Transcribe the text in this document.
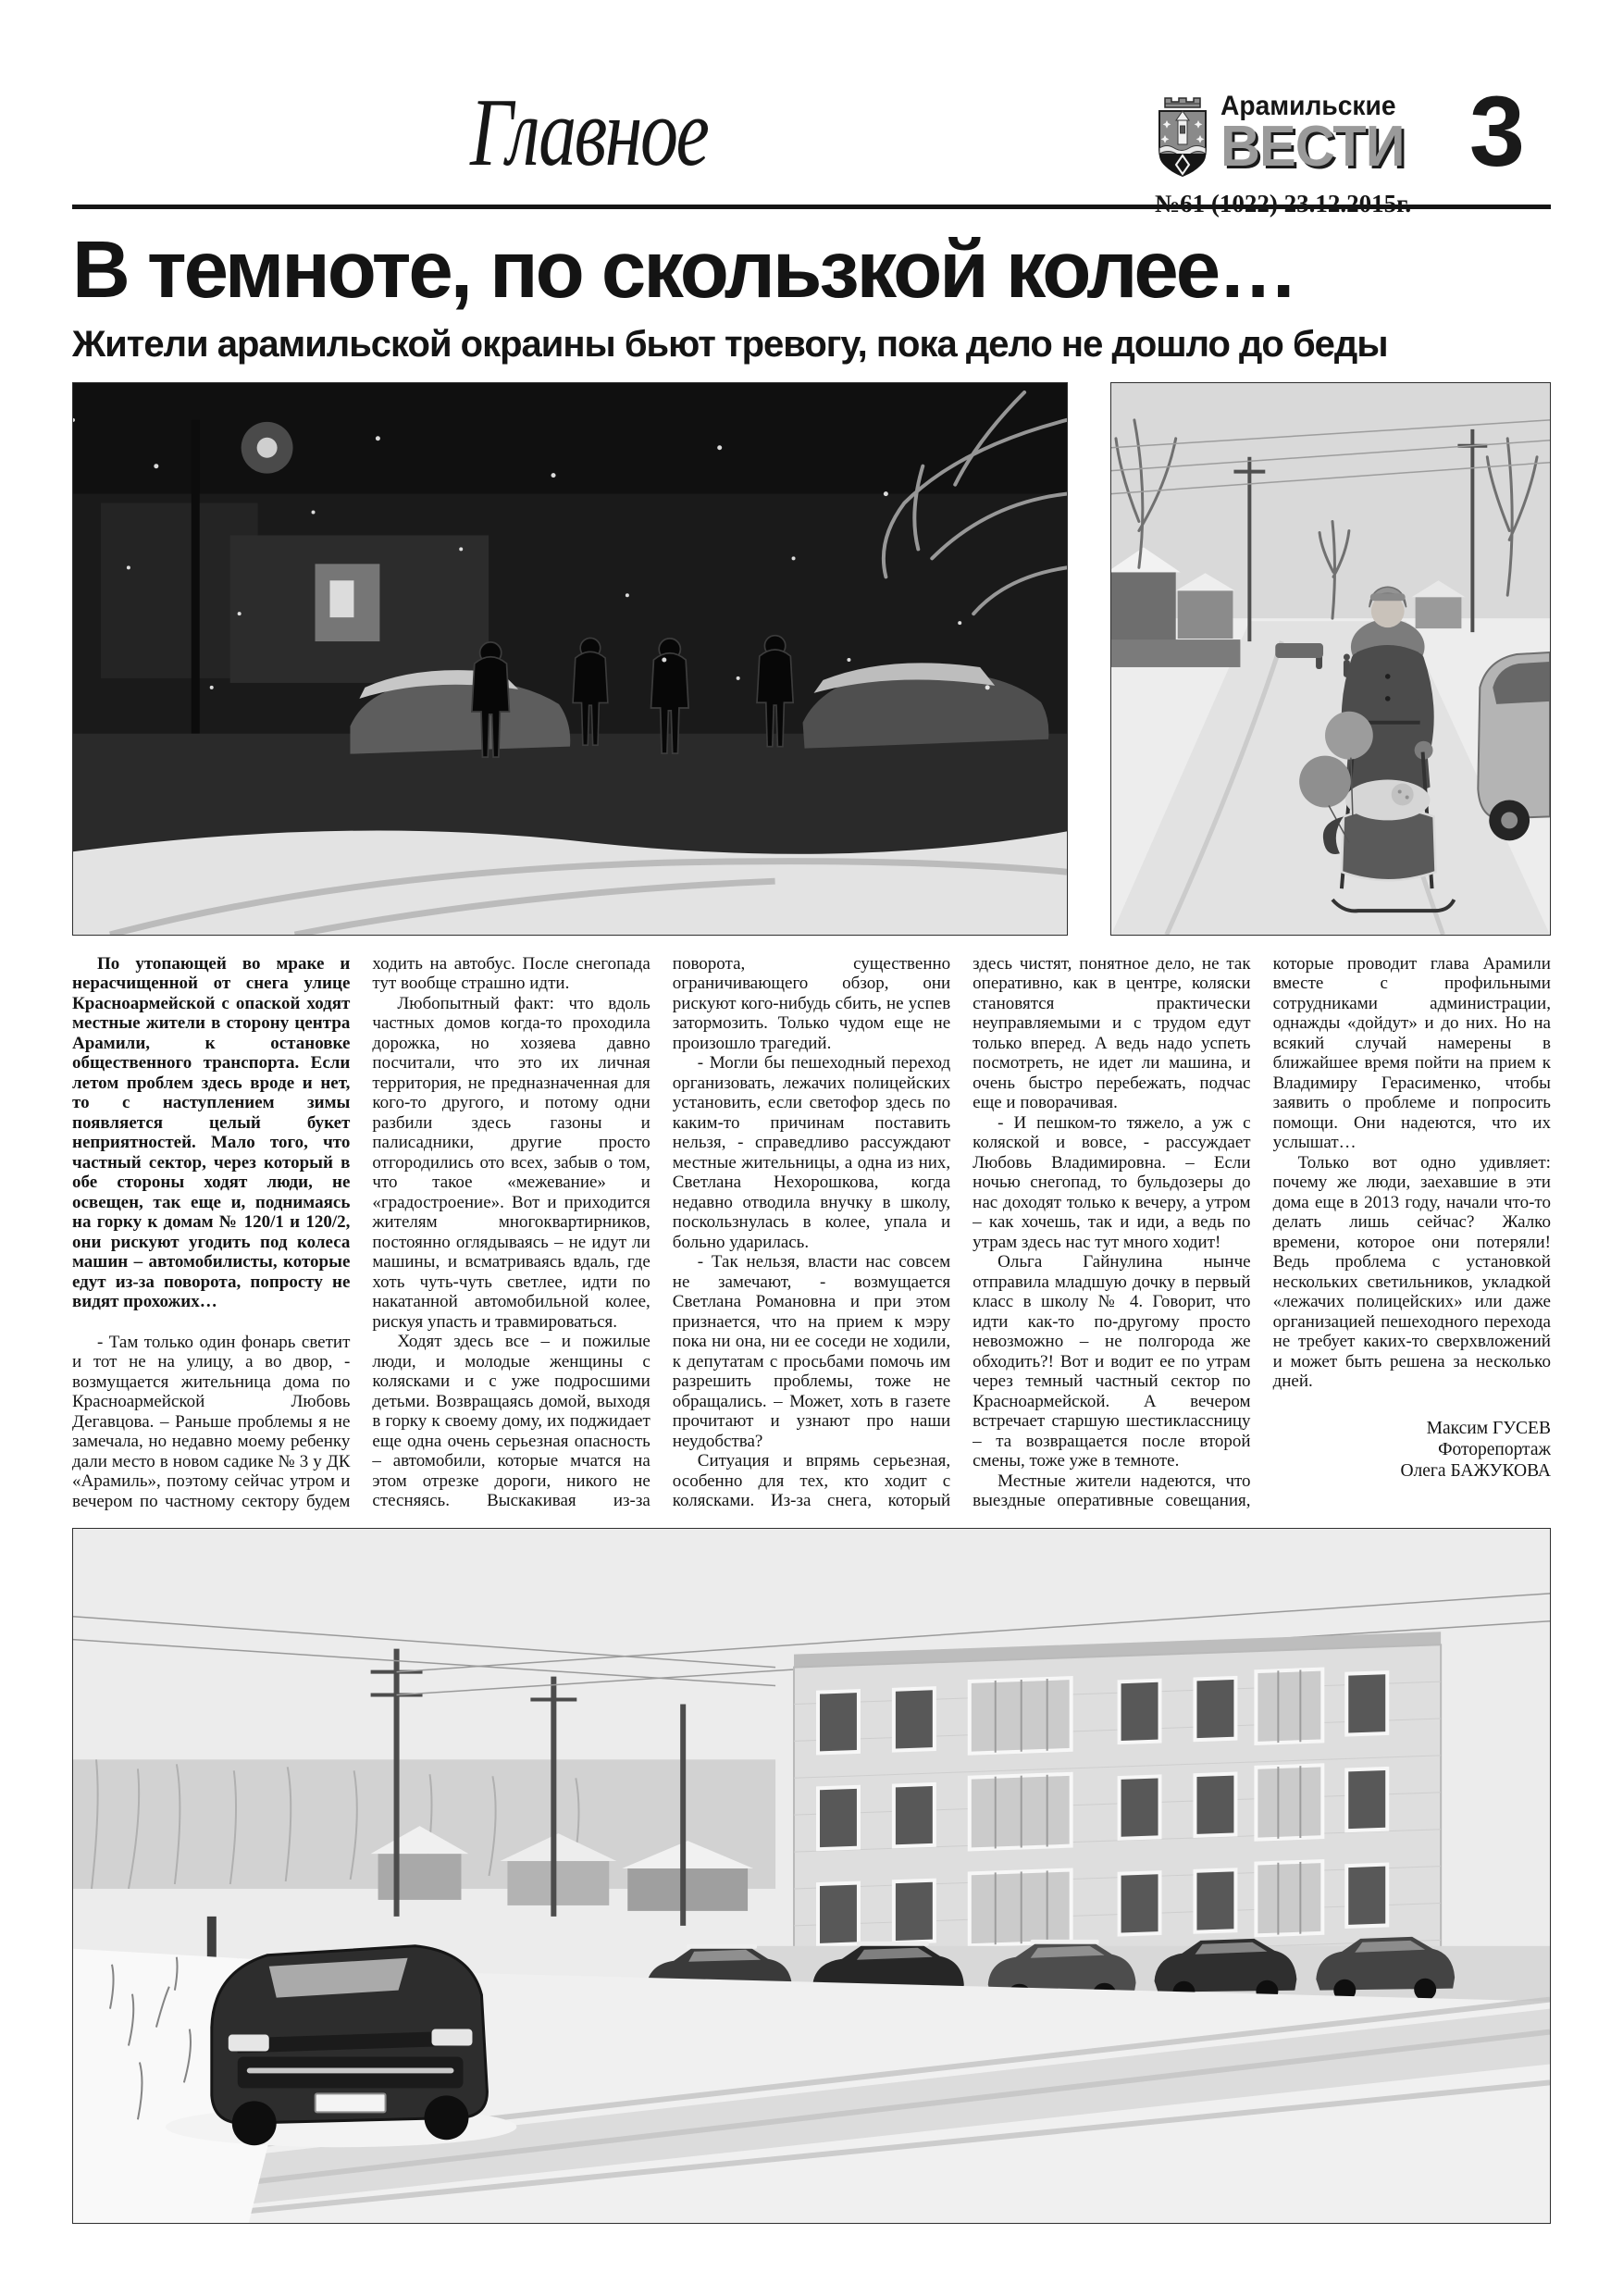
Главное	Арамильские
ВЕСТИ
№61 (1022) 23.12.2015г.
3
В темноте, по скользкой колее…
Жители арамильской окраины бьют тревогу, пока дело не дошло до беды

По утопающей во мраке и нерасчищенной от снега улице Красноармейской с опаской ходят местные жители в сторону центра Арамили, к остановке общественного транспорта. Если летом проблем здесь вроде и нет, то с наступлением зимы появляется целый букет неприятностей. Мало того, что частный сектор, через который в обе стороны ходят люди, не освещен, так еще и, поднимаясь на горку к домам № 120/1 и 120/2, они рискуют угодить под колеса машин – автомобилисты, которые едут из-за поворота, попросту не видят прохожих…

- Там только один фонарь светит и тот не на улицу, а во двор, - возмущается жительница дома по Красноармейской Любовь Дегавцова. – Раньше проблемы я не замечала, но недавно моему ребенку дали место в новом садике № 3 у ДК «Арамиль», поэтому сейчас утром и вечером по частному сектору будем ходить на автобус. После снегопада тут вообще страшно идти.

Любопытный факт: что вдоль частных домов когда-то проходила дорожка, но хозяева давно посчитали, что это их личная территория, не предназначенная для кого-то другого, и потому одни разбили здесь газоны и палисадники, другие просто отгородились ото всех, забыв о том, что такое «межевание» и «градостроение». Вот и приходится жителям многоквартирников, постоянно оглядываясь – не идут ли машины, и всматриваясь вдаль, где хоть чуть-чуть светлее, идти по накатанной автомобильной колее, рискуя упасть и травмироваться.

Ходят здесь все – и пожилые люди, и молодые женщины с колясками и с уже подросшими детьми. Возвращаясь домой, выходя в горку к своему дому, их поджидает еще одна очень серьезная опасность – автомобили, которые мчатся на этом отрезке дороги, никого не стесняясь. Выскакивая из-за поворота, существенно ограничивающего обзор, они рискуют кого-нибудь сбить, не успев затормозить. Только чудом еще не произошло трагедий.

- Могли бы пешеходный переход организовать, лежачих полицейских установить, если светофор здесь по каким-то причинам поставить нельзя, - справедливо рассуждают местные жительницы, а одна из них, Светлана Нехорошкова, когда недавно отводила внучку в школу, поскользнулась в колее, упала и больно ударилась.

- Так нельзя, власти нас совсем не замечают, - возмущается Светлана Романовна и при этом признается, что на прием к мэру пока ни она, ни ее соседи не ходили, к депутатам с просьбами помочь им разрешить проблемы, тоже не обращались. – Может, хоть в газете прочитают и узнают про наши неудобства?

Ситуация и впрямь серьезная, особенно для тех, кто ходит с колясками. Из-за снега, который здесь чистят, понятное дело, не так оперативно, как в центре, коляски становятся практически неуправляемыми и с трудом едут только вперед. А ведь надо успеть посмотреть, не идет ли машина, и очень быстро перебежать, подчас еще и поворачивая.

- И пешком-то тяжело, а уж с коляской и вовсе, - рассуждает Любовь Владимировна. – Если ночью снегопад, то бульдозеры до нас доходят только к вечеру, а утром – как хочешь, так и иди, а ведь по утрам здесь нас тут много ходит!

Ольга Гайнулина нынче отправила младшую дочку в первый класс в школу № 4. Говорит, что идти как-то по-другому просто невозможно – не полгорода же обходить?! Вот и водит ее по утрам через темный частный сектор по Красноармейской. А вечером встречает старшую шестиклассницу – та возвращается после второй смены, тоже уже в темноте.

Местные жители надеются, что выездные оперативные совещания, которые проводит глава Арамили вместе с профильными сотрудниками администрации, однажды «дойдут» и до них. Но на всякий случай намерены в ближайшее время пойти на прием к Владимиру Герасименко, чтобы заявить о проблеме и попросить помощи. Они надеются, что их услышат…

Только вот одно удивляет: почему же люди, заехавшие в эти дома еще в 2013 году, начали что-то делать лишь сейчас? Жалко времени, которое они потеряли! Ведь проблема с установкой нескольких светильников, укладкой «лежачих полицейских» или даже организацией пешеходного перехода не требует каких-то сверхвложений и может быть решена за несколько дней.

Максим ГУСЕВ
Фоторепортаж
Олега БАЖУКОВА
